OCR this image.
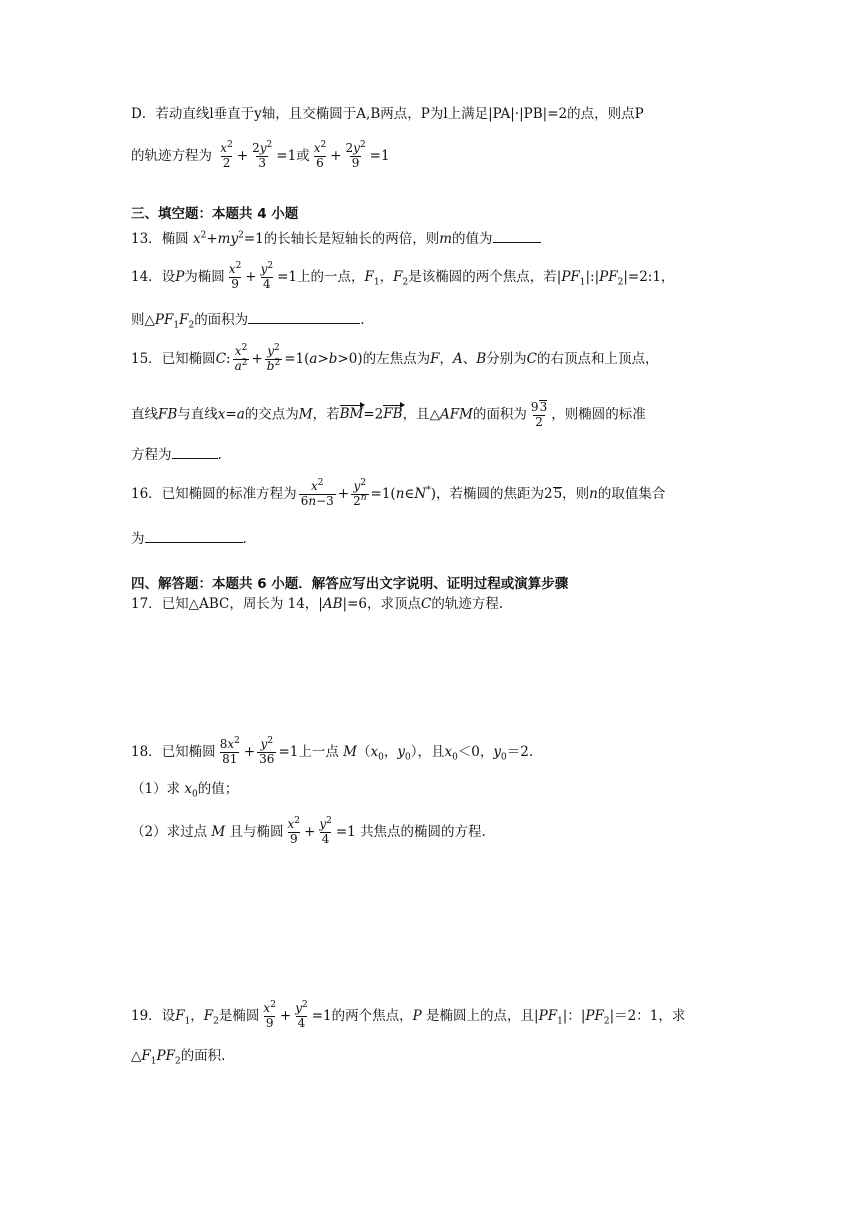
D．若动直线l垂直于y轴，且交椭圆于A,B两点，P为l上满足|PA|·|PB|=2的点，则点P
的轨迹方程为 $\frac{x^2}{2} + \frac{2y^2}{3} =1$或 $\frac{x^2}{6} + \frac{2y^2}{9} =1$
三、填空题：本题共 4 小题
13．椭圆 $x^2+my^2=1$的长轴长是短轴长的两倍，则m的值为
14．设P为椭圆 $\frac{x^2}{9} + \frac{y^2}{4} =1$上的一点，$F_1$，$F_2$是该椭圆的两个焦点，若$|PF_1|:|PF_2|=2:1$，
则$\triangle PF_1F_2$的面积为	.
15．已知椭圆C: $\frac{x^2}{a^2} + \frac{y^2}{b^2} =1(a>b>0)$的左焦点为F，A、B分别为C的右顶点和上顶点，
直线FB与直线x=a的交点为M，若BM=2FB，且△AFM的面积为 $\frac{93}{2}$ ，则椭圆的标准
方程为	.
16．已知椭圆的标准方程为 $\frac{x^2}{6n-3} + \frac{y^2}{2^n}$ =1(n∈N*)，若椭圆的焦距为25，则n的取值集合
为	.
四、解答题：本题共 6 小题．解答应写出文字说明、证明过程或演算步骤
17．已知△ABC，周长为 14，|AB|=6，求顶点C的轨迹方程.
18．已知椭圆 $\frac{8x^2}{81} + \frac{y^2}{36} =1$上一点 $M(x_0$，$y_0$），且$x_0<0$，$y_0=2$.
（1）求 $x_0$的值；
（2）求过点 M 且与椭圆 $\frac{x^2}{9} + \frac{y^2}{4} =1$ 共焦点的椭圆的方程.
19．设$F_1$，$F_2$是椭圆 $\frac{x^2}{9} + \frac{y^2}{4} =1$的两个焦点，P 是椭圆上的点，且$|PF_1|$：$|PF_2|=2$：1，求
$\triangle F_1PF_2$的面积.
